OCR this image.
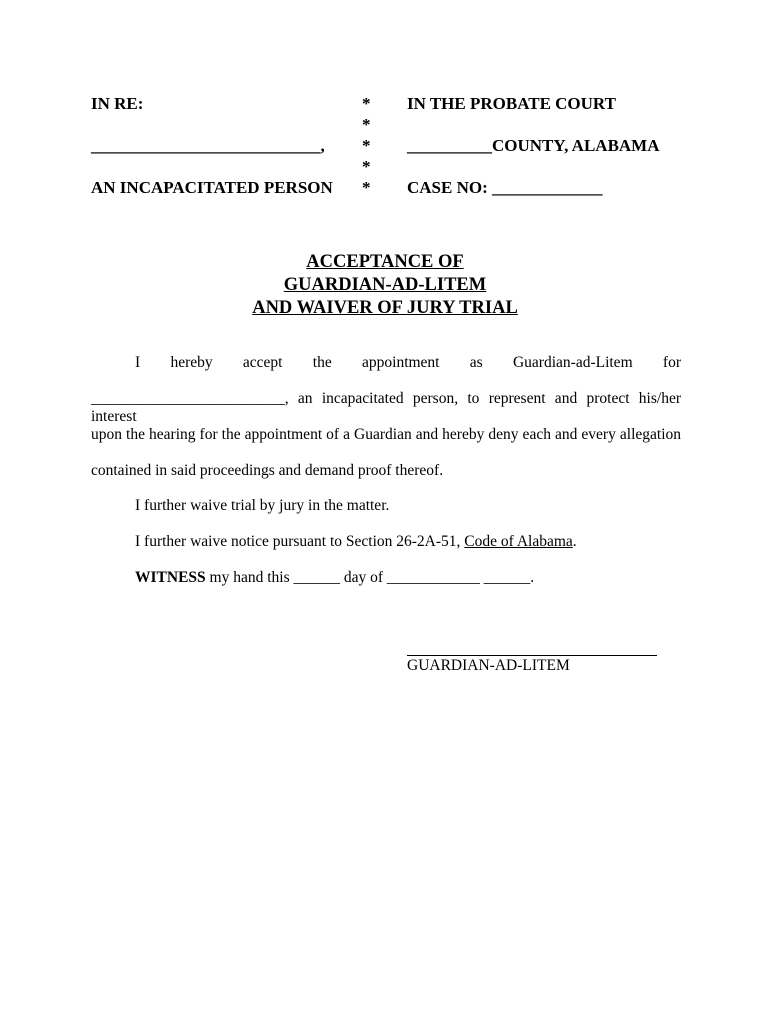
IN RE:
___________________________,
AN INCAPACITATED PERSON
*
*
*
*
*
IN THE PROBATE COURT
__________COUNTY, ALABAMA
CASE NO: _____________
ACCEPTANCE OF
GUARDIAN-AD-LITEM
AND WAIVER OF JURY TRIAL
I hereby accept the appointment as Guardian-ad-Litem for
_________________________, an incapacitated person, to represent and protect his/her interest
upon the hearing for the appointment of a Guardian and hereby deny each and every allegation
contained in said proceedings and demand proof thereof.
I further waive trial by jury in the matter.
I further waive notice pursuant to Section 26-2A-51, Code of Alabama.
WITNESS my hand this ______ day of ____________ ______.
GUARDIAN-AD-LITEM
